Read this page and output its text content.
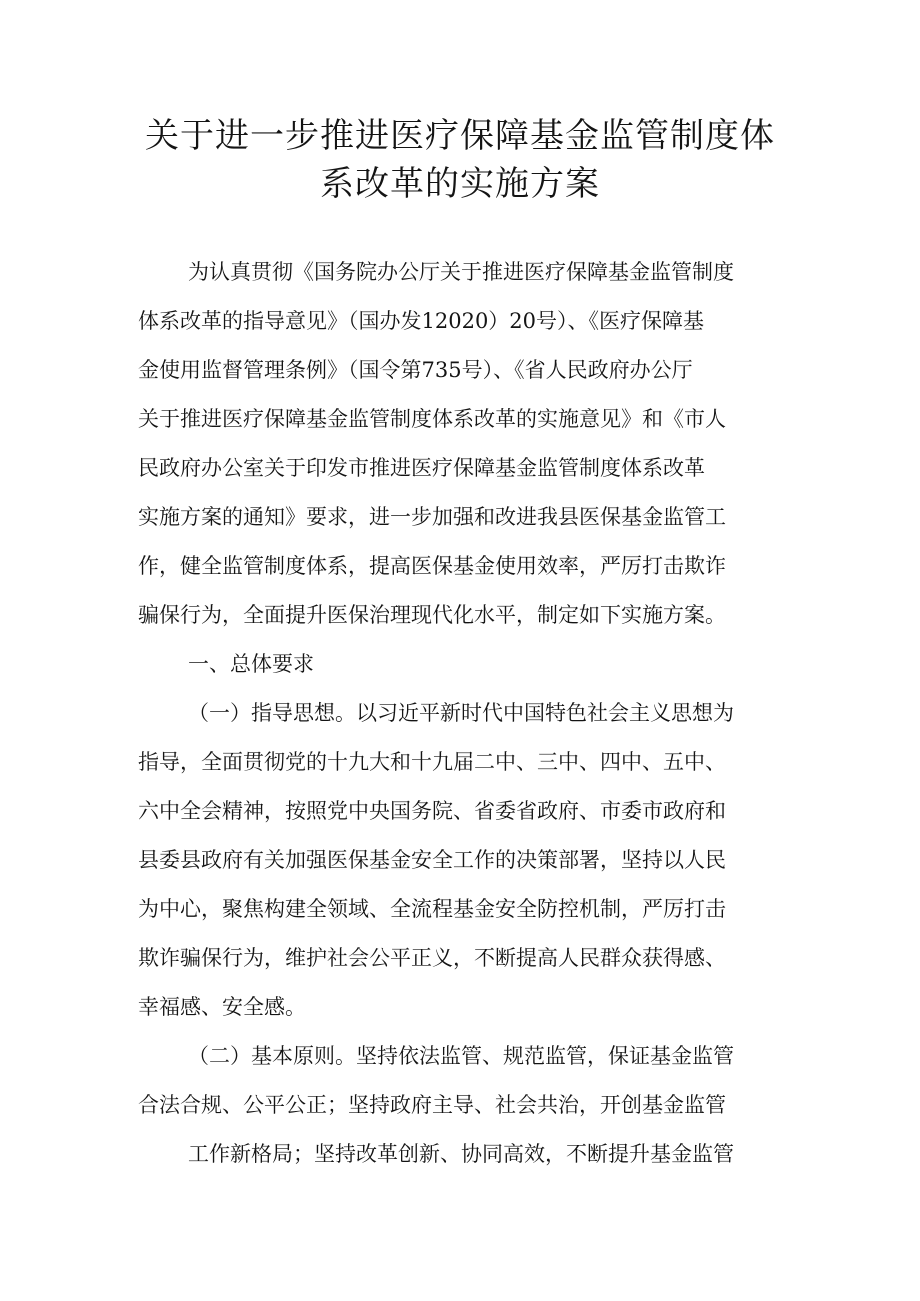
关于进一步推进医疗保障基金监管制度体
系改革的实施方案
为认真贯彻《国务院办公厅关于推进医疗保障基金监管制度
体系改革的指导意见》（国办发12020）20号）、《医疗保障基
金使用监督管理条例》（国令第735号）、《省人民政府办公厅
关于推进医疗保障基金监管制度体系改革的实施意见》和《市人
民政府办公室关于印发市推进医疗保障基金监管制度体系改革
实施方案的通知》要求，进一步加强和改进我县医保基金监管工
作，健全监管制度体系，提高医保基金使用效率，严厉打击欺诈
骗保行为，全面提升医保治理现代化水平，制定如下实施方案。
一、总体要求
（一）指导思想。以习近平新时代中国特色社会主义思想为
指导，全面贯彻党的十九大和十九届二中、三中、四中、五中、
六中全会精神，按照党中央国务院、省委省政府、市委市政府和
县委县政府有关加强医保基金安全工作的决策部署，坚持以人民
为中心，聚焦构建全领域、全流程基金安全防控机制，严厉打击
欺诈骗保行为，维护社会公平正义，不断提高人民群众获得感、
幸福感、安全感。
（二）基本原则。坚持依法监管、规范监管，保证基金监管
合法合规、公平公正；坚持政府主导、社会共治，开创基金监管
工作新格局；坚持改革创新、协同高效，不断提升基金监管
